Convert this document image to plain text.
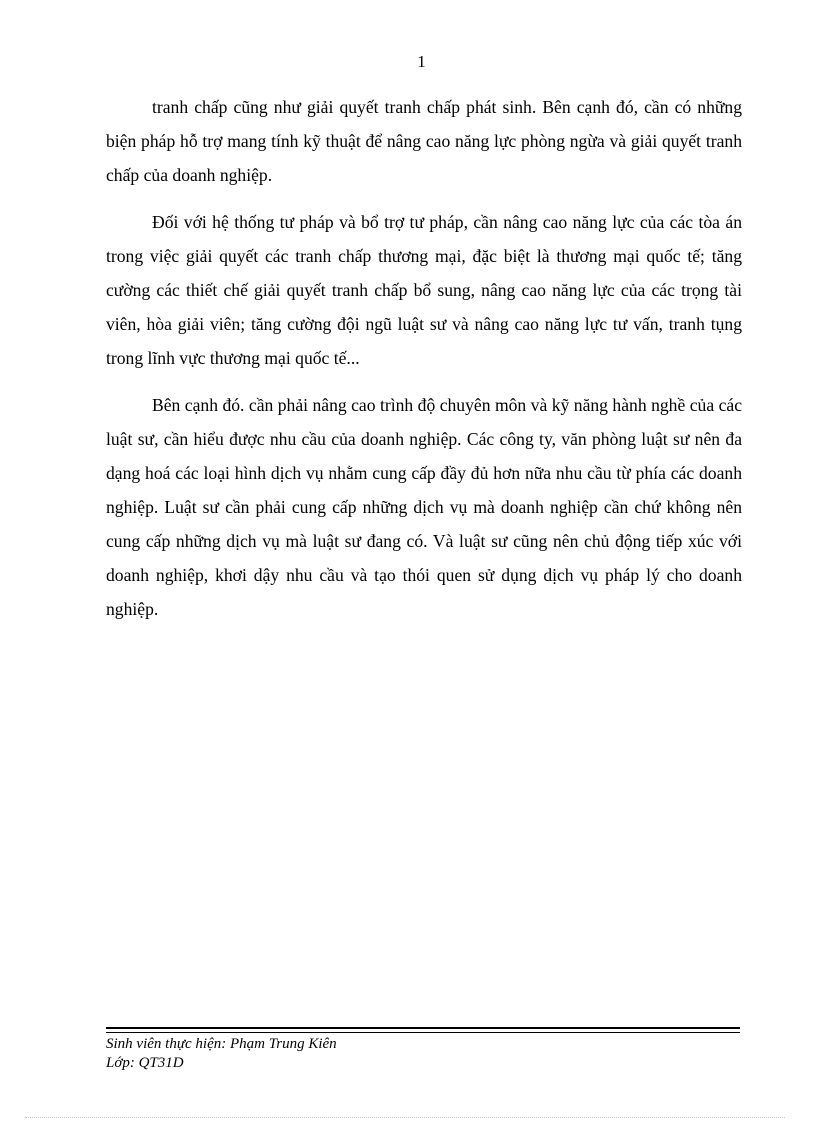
1

tranh chấp cũng như giải quyết tranh chấp phát sinh. Bên cạnh đó, cần có những biện pháp hỗ trợ mang tính kỹ thuật để nâng cao năng lực phòng ngừa và giải quyết tranh chấp của doanh nghiệp.

Đối với hệ thống tư pháp và bổ trợ tư pháp, cần nâng cao năng lực của các tòa án trong việc giải quyết các tranh chấp thương mại, đặc biệt là thương mại quốc tế; tăng cường các thiết chế giải quyết tranh chấp bổ sung, nâng cao năng lực của các trọng tài viên, hòa giải viên; tăng cường đội ngũ luật sư và nâng cao năng lực tư vấn, tranh tụng trong lĩnh vực thương mại quốc tế...

Bên cạnh đó. cần phải nâng cao trình độ chuyên môn và kỹ năng hành nghề của các luật sư, cần hiểu được nhu cầu của doanh nghiệp. Các công ty, văn phòng luật sư nên đa dạng hoá các loại hình dịch vụ nhằm cung cấp đầy đủ hơn nữa nhu cầu từ phía các doanh nghiệp. Luật sư cần phải cung cấp những dịch vụ mà doanh nghiệp cần chứ không nên cung cấp những dịch vụ mà luật sư đang có. Và luật sư cũng nên chủ động tiếp xúc với doanh nghiệp, khơi dậy nhu cầu và tạo thói quen sử dụng dịch vụ pháp lý cho doanh nghiệp.

Sinh viên thực hiện: Phạm Trung Kiên
Lớp: QT31D
